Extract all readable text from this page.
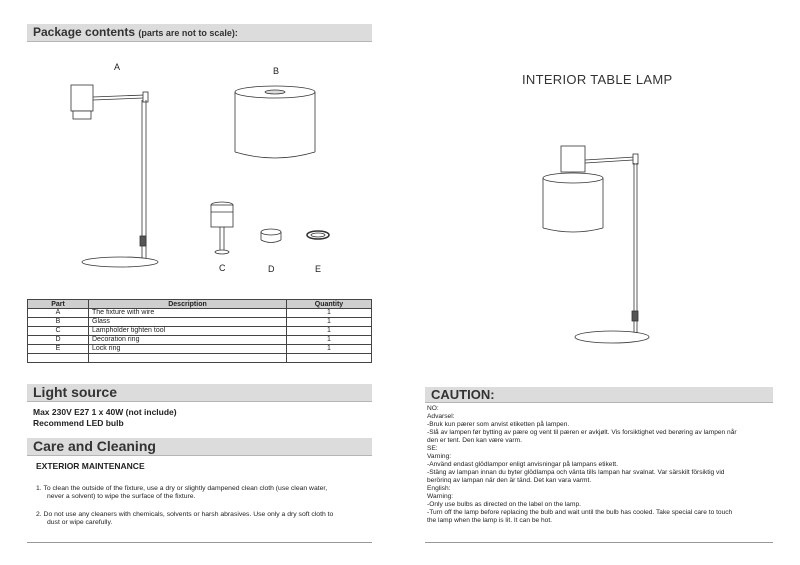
Package contents (parts are not to scale):
A	B
C	D	E
Part	Description	Quantity
A	The fixture with wire	1
B	Glass	1
C	Lampholder tighten tool	1
D	Decoration ring	1
E	Lock ring	1

Light source
Max 230V E27 1 x 40W (not include)
Recommend LED bulb
Care and Cleaning
EXTERIOR MAINTENANCE
1. To clean the outside of the fixture, use a dry or slightly dampened clean cloth (use clean water,
never a solvent) to wipe the surface of the fixture.
2. Do not use any cleaners with chemicals, solvents or harsh abrasives. Use only a dry soft cloth to
dust or wipe carefully.
INTERIOR TABLE LAMP
CAUTION:
NO:
Advarsel:
-Bruk kun pærer som anvist etiketten på lampen.
-Slå av lampen før bytting av pære og vent til pæren er avkjølt. Vis forsiktighet ved berøring av lampen når
den er tent. Den kan være varm.
SE:
Varning:
-Använd endast glödlampor enligt anvisningar på lampans etikett.
-Stäng av lampan innan du byter glödlampa och vänta tills lampan har svalnat. Var särskilt försiktig vid
berörinq av lampan när den är tänd. Det kan vara varmt.
English:
Warning:
-Only use bulbs as directed on the label on the lamp.
-Turn off the lamp before replacing the bulb and wait until the bulb has cooled. Take special care to touch
the lamp when the lamp is lit. It can be hot.
